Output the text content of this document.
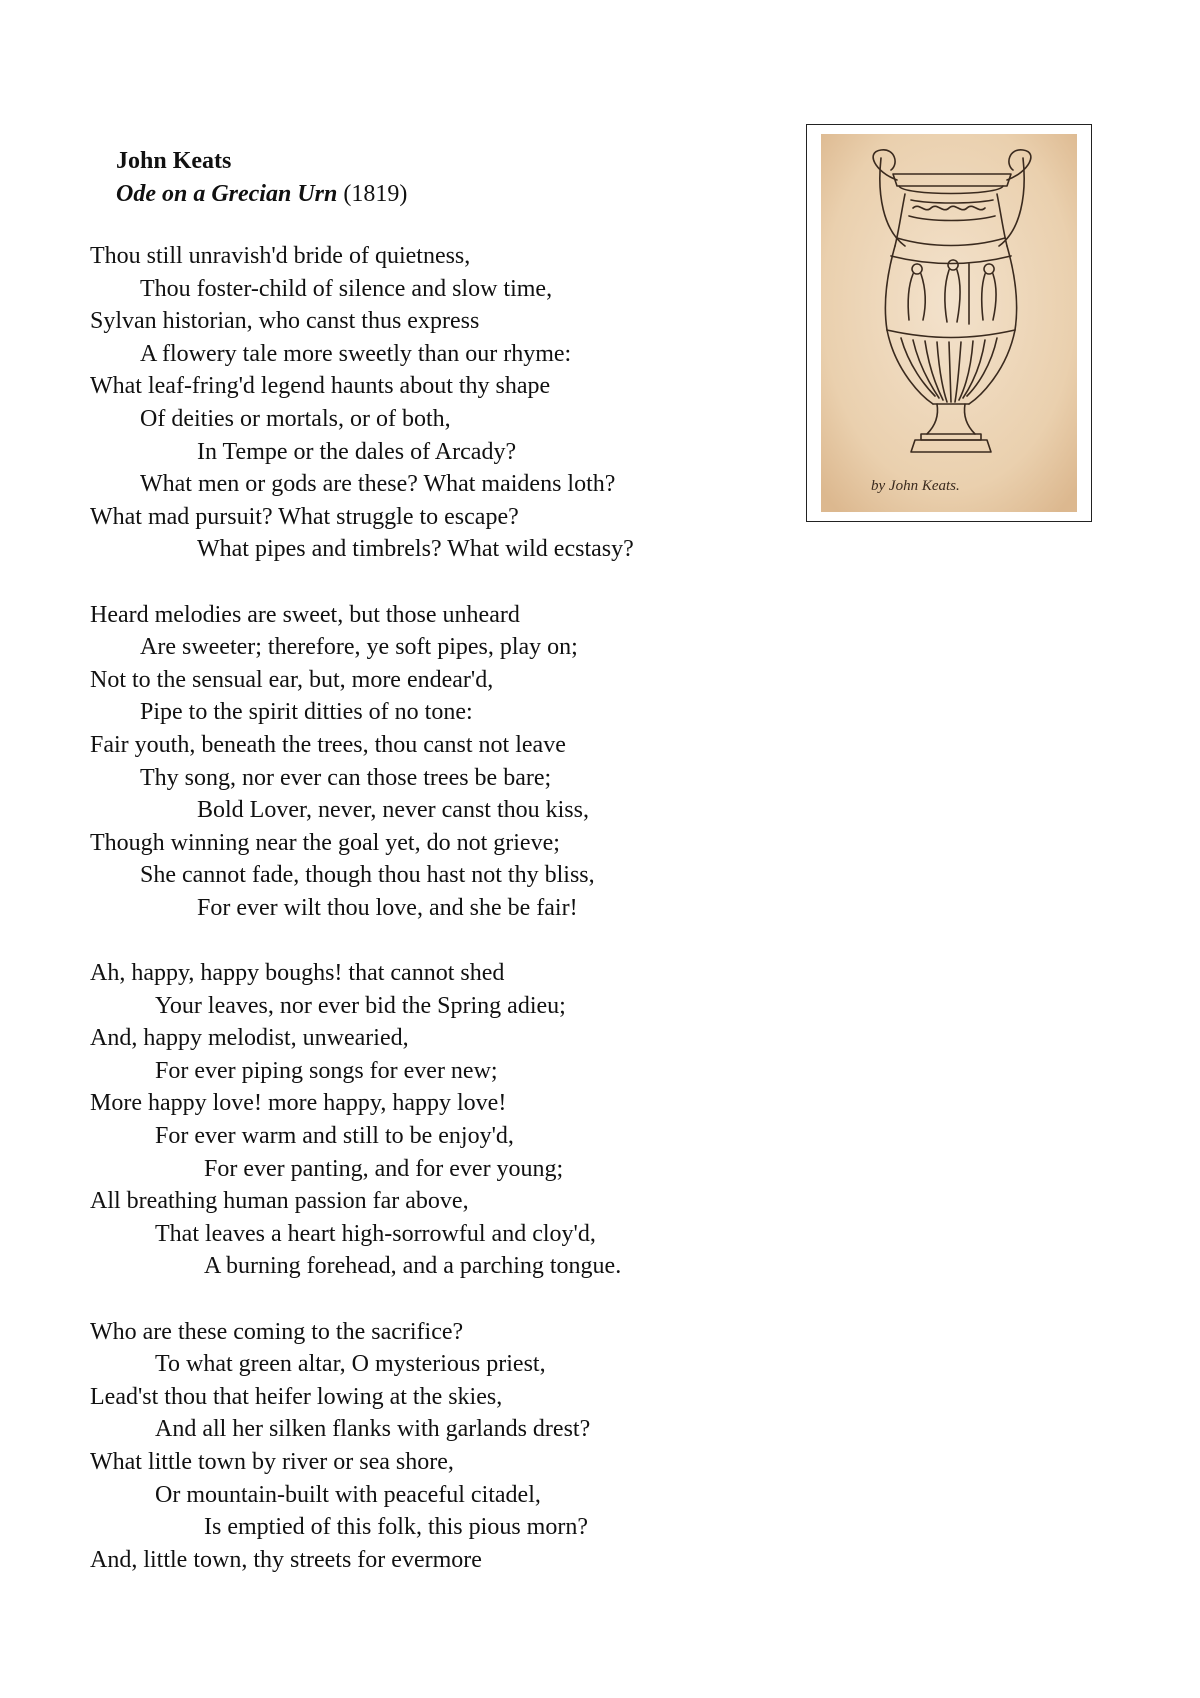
John Keats
Ode on a Grecian Urn (1819)
Thou still unravish'd bride of quietness,
Thou foster-child of silence and slow time,
Sylvan historian, who canst thus express
A flowery tale more sweetly than our rhyme:
What leaf-fring'd legend haunts about thy shape
Of deities or mortals, or of both,
In Tempe or the dales of Arcady?
What men or gods are these? What maidens loth?
What mad pursuit? What struggle to escape?
What pipes and timbrels? What wild ecstasy?
Heard melodies are sweet, but those unheard
Are sweeter; therefore, ye soft pipes, play on;
Not to the sensual ear, but, more endear'd,
Pipe to the spirit ditties of no tone:
Fair youth, beneath the trees, thou canst not leave
Thy song, nor ever can those trees be bare;
Bold Lover, never, never canst thou kiss,
Though winning near the goal yet, do not grieve;
She cannot fade, though thou hast not thy bliss,
For ever wilt thou love, and she be fair!
Ah, happy, happy boughs! that cannot shed
Your leaves, nor ever bid the Spring adieu;
And, happy melodist, unwearied,
For ever piping songs for ever new;
More happy love! more happy, happy love!
For ever warm and still to be enjoy'd,
For ever panting, and for ever young;
All breathing human passion far above,
That leaves a heart high-sorrowful and cloy'd,
A burning forehead, and a parching tongue.
Who are these coming to the sacrifice?
To what green altar, O mysterious priest,
Lead'st thou that heifer lowing at the skies,
And all her silken flanks with garlands drest?
What little town by river or sea shore,
Or mountain-built with peaceful citadel,
Is emptied of this folk, this pious morn?
And, little town, thy streets for evermore
by John Keats.
